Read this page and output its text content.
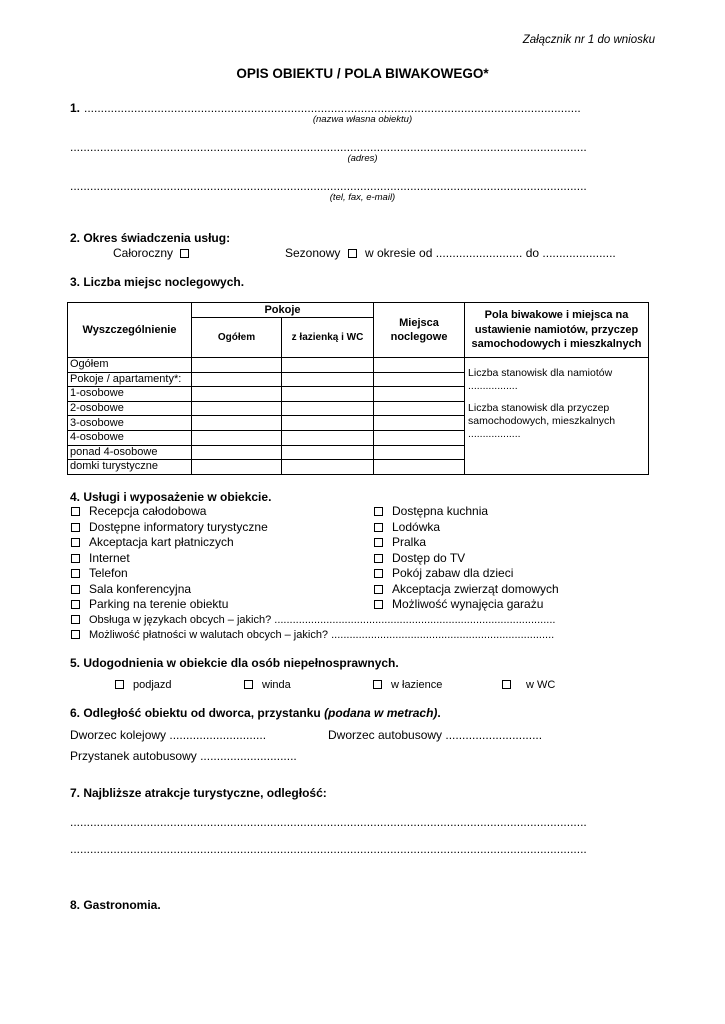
Załącznik nr 1 do wniosku
OPIS OBIEKTU / POLA BIWAKOWEGO*
1. .....................................................................................................................................................
(nazwa własna obiektu)
...........................................................................................................................................................
(adres)
...........................................................................................................................................................
(tel, fax, e-mail)
2. Okres świadczenia usług:
Całoroczny	Sezonowy	w okresie od .......................... do ......................
3. Liczba miejsc noclegowych.
Wyszczególnienie	Pokoje		Miejsca noclegowe	Pola biwakowe i miejsca na ustawienie namiotów, przyczep samochodowych i mieszkalnych
	Ogółem	z łazienką i WC		
Ogółem				Liczba stanowisk dla namiotów .................
Liczba stanowisk dla przyczep samochodowych, mieszkalnych ..................

Pokoje / apartamenty*:				
1-osobowe				
2-osobowe				
3-osobowe				
4-osobowe				
ponad 4-osobowe				
domki turystyczne				
4. Usługi i wyposażenie w obiekcie.
Recepcja całodobowa
Dostępne informatory turystyczne
Akceptacja kart płatniczych
Internet
Telefon
Sala konferencyjna
Parking na terenie obiektu
Dostępna kuchnia
Lodówka
Pralka
Dostęp do TV
Pokój zabaw dla dzieci
Akceptacja zwierząt domowych
Możliwość wynajęcia garażu
Obsługa w językach obcych – jakich? ............................................................................................
Możliwość płatności w walutach obcych – jakich? .........................................................................
5. Udogodnienia w obiekcie dla osób niepełnosprawnych.
podjazd	winda	w łazience	w WC
6. Odległość obiektu od dworca, przystanku (podana w metrach).
Dworzec kolejowy .............................	Dworzec autobusowy .............................
Przystanek autobusowy .............................
7. Najbliższe atrakcje turystyczne, odległość:
...........................................................................................................................................................
...........................................................................................................................................................
8. Gastronomia.
